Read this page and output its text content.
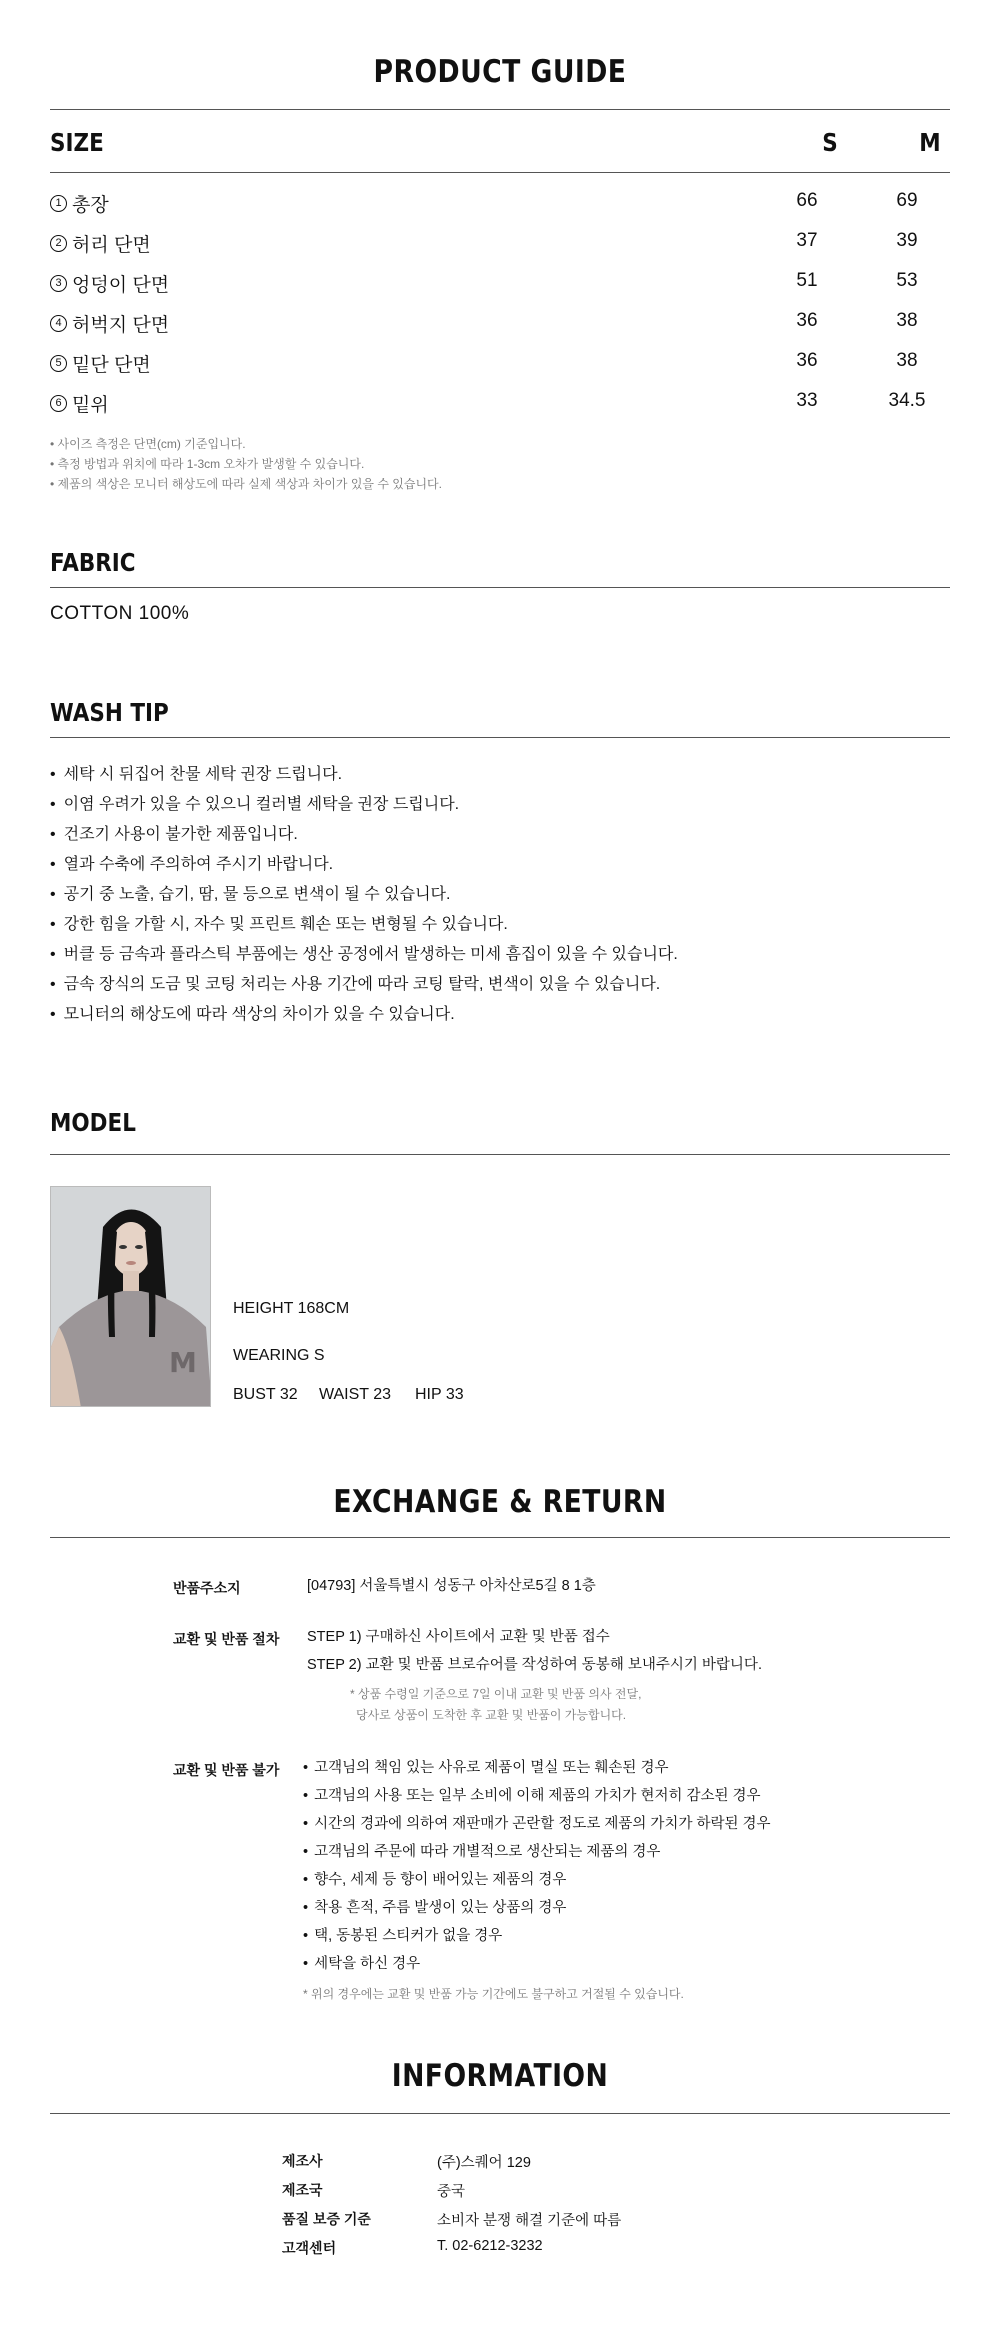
PRODUCT GUIDE
SIZE	S	M
1 총장	66	69
2 허리 단면	37	39
3 엉덩이 단면	51	53
4 허벅지 단면	36	38
5 밑단 단면	36	38
6 밑위	33	34.5
• 사이즈 측정은 단면(cm) 기준입니다.
• 측정 방법과 위치에 따라 1-3cm 오차가 발생할 수 있습니다.
• 제품의 색상은 모니터 해상도에 따라 실제 색상과 차이가 있을 수 있습니다.
FABRIC
COTTON 100%
WASH TIP
• 세탁 시 뒤집어 찬물 세탁 권장 드립니다.
• 이염 우려가 있을 수 있으니 컬러별 세탁을 권장 드립니다.
• 건조기 사용이 불가한 제품입니다.
• 열과 수축에 주의하여 주시기 바랍니다.
• 공기 중 노출, 습기, 땀, 물 등으로 변색이 될 수 있습니다.
• 강한 힘을 가할 시, 자수 및 프린트 훼손 또는 변형될 수 있습니다.
• 버클 등 금속과 플라스틱 부품에는 생산 공정에서 발생하는 미세 흠집이 있을 수 있습니다.
• 금속 장식의 도금 및 코팅 처리는 사용 기간에 따라 코팅 탈락, 변색이 있을 수 있습니다.
• 모니터의 해상도에 따라 색상의 차이가 있을 수 있습니다.
MODEL
M
HEIGHT 168CM
WEARING S
BUST 32 WAIST 23 HIP 33
EXCHANGE & RETURN
반품주소지	[04793] 서울특별시 성동구 아차산로5길 8 1층
교환 및 반품 절차 STEP 1) 구매하신 사이트에서 교환 및 반품 접수
STEP 2) 교환 및 반품 브로슈어를 작성하여 동봉해 보내주시기 바랍니다.
* 상품 수령일 기준으로 7일 이내 교환 및 반품 의사 전달,
당사로 상품이 도착한 후 교환 및 반품이 가능합니다.
교환 및 반품 불가
•	고객님의 책임 있는 사유로 제품이 멸실 또는 훼손된 경우
• 고객님의 사용 또는 일부 소비에 이해 제품의 가치가 현저히 감소된 경우
• 시간의 경과에 의하여 재판매가 곤란할 정도로 제품의 가치가 하락된 경우
• 고객님의 주문에 따라 개별적으로 생산되는 제품의 경우
• 향수, 세제 등 향이 배어있는 제품의 경우
• 착용 흔적, 주름 발생이 있는 상품의 경우
• 택, 동봉된 스티커가 없을 경우
• 세탁을 하신 경우
* 위의 경우에는 교환 및 반품 가능 기간에도 불구하고 거절될 수 있습니다.
INFORMATION
제조사	(주)스퀘어 129
제조국	중국
품질 보증 기준	소비자 분쟁 해결 기준에 따름
고객센터	T. 02-6212-3232
